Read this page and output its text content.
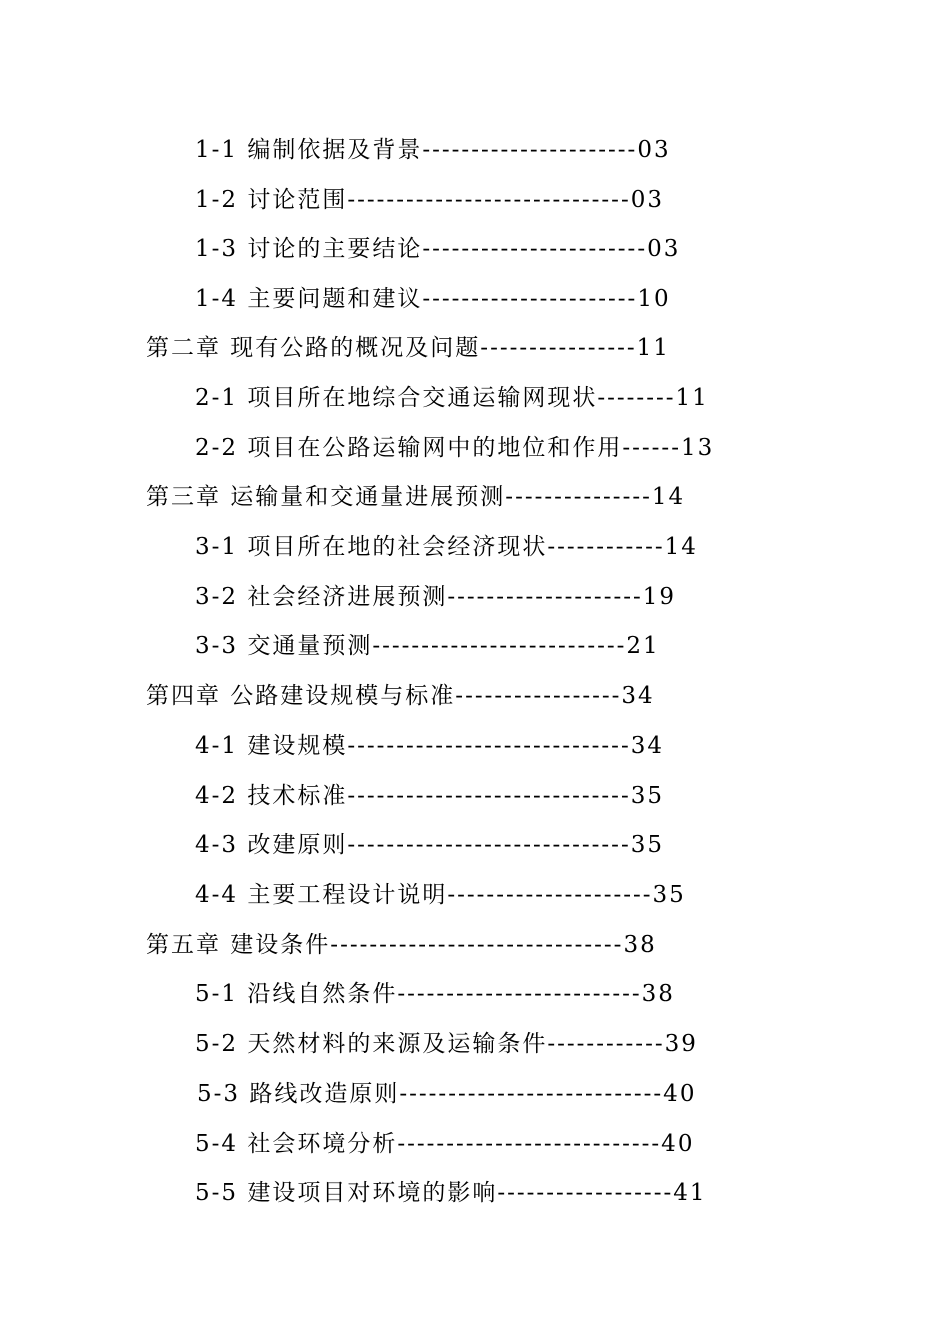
1-1 编制依据及背景----------------------03
1-2 讨论范围-----------------------------03
1-3 讨论的主要结论-----------------------03
1-4 主要问题和建议----------------------10
第二章 现有公路的概况及问题----------------11
2-1 项目所在地综合交通运输网现状--------11
2-2 项目在公路运输网中的地位和作用------13
第三章 运输量和交通量进展预测---------------14
3-1 项目所在地的社会经济现状------------14
3-2 社会经济进展预测--------------------19
3-3 交通量预测--------------------------21
第四章 公路建设规模与标准-----------------34
4-1 建设规模-----------------------------34
4-2 技术标准-----------------------------35
4-3 改建原则-----------------------------35
4-4 主要工程设计说明---------------------35
第五章 建设条件------------------------------38
5-1 沿线自然条件-------------------------38
5-2 天然材料的来源及运输条件------------39
5-3 路线改造原则---------------------------40
5-4 社会环境分析---------------------------40
5-5 建设项目对环境的影响------------------41
